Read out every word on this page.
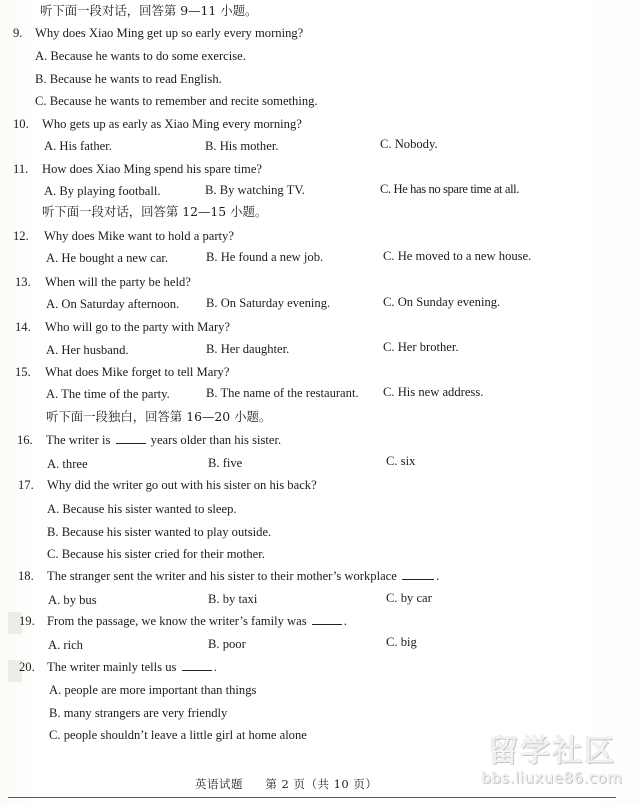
听下面一段对话，回答第 9—11 小题。
9. Why does Xiao Ming get up so early every morning?
A. Because he wants to do some exercise.
B. Because he wants to read English.
C. Because he wants to remember and recite something.
10. Who gets up as early as Xiao Ming every morning?
A. His father.	B. His mother.	C. Nobody.
11. How does Xiao Ming spend his spare time?
A. By playing football.	B. By watching TV.	C. He has no spare time at all.
听下面一段对话，回答第 12—15 小题。
12. Why does Mike want to hold a party?
A. He bought a new car.	B. He found a new job.	C. He moved to a new house.
13. When will the party be held?
A. On Saturday afternoon. B. On Saturday evening.	C. On Sunday evening.
14. Who will go to the party with Mary?
A. Her husband.	B. Her daughter.	C. Her brother.
15. What does Mike forget to tell Mary?
A. The time of the party.	B. The name of the restaurant. C. His new address.
听下面一段独白，回答第 16—20 小题。
16. The writer is	years older than his sister.
A. three	B. five	C. six
17. Why did the writer go out with his sister on his back?
A. Because his sister wanted to sleep.
B. Because his sister wanted to play outside.
C. Because his sister cried for their mother.
18. The stranger sent the writer and his sister to their mother’s workplace	.
A. by bus	B. by taxi	C. by car
19. From the passage, we know the writer’s family was	.
A. rich	B. poor	C. big
20. The writer mainly tells us	.
A. people are more important than things
B. many strangers are very friendly
C. people shouldn’t leave a little girl at home alone
英语试题 第 2 页（共 10 页）
留学社区
bbs.liuxue86.com
